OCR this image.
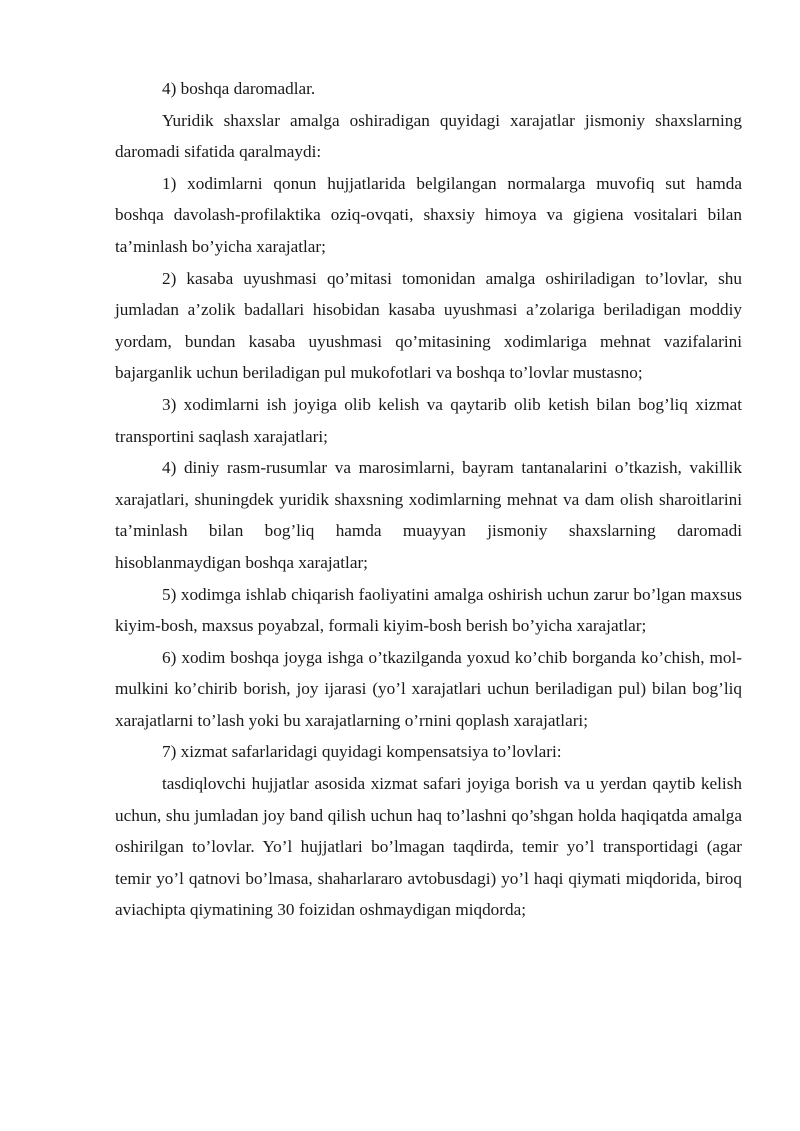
4) boshqa daromadlar.

Yuridik shaxslar amalga oshiradigan quyidagi xarajatlar jismoniy shaxslarning daromadi sifatida qaralmaydi:

1) xodimlarni qonun hujjatlarida belgilangan normalarga muvofiq sut hamda boshqa davolash-profilaktika oziq-ovqati, shaxsiy himoya va gigiena vositalari bilan ta’minlash bo’yicha xarajatlar;

2) kasaba uyushmasi qo’mitasi tomonidan amalga oshiriladigan to’lovlar, shu jumladan a’zolik badallari hisobidan kasaba uyushmasi a’zolariga beriladigan moddiy yordam, bundan kasaba uyushmasi qo’mitasining xodimlariga mehnat vazifalarini bajarganlik uchun beriladigan pul mukofotlari va boshqa to’lovlar mustasno;

3) xodimlarni ish joyiga olib kelish va qaytarib olib ketish bilan bog’liq xizmat transportini saqlash xarajatlari;

4) diniy rasm-rusumlar va marosimlarni, bayram tantanalarini o’tkazish, vakillik xarajatlari, shuningdek yuridik shaxsning xodimlarning mehnat va dam olish sharoitlarini ta’minlash bilan bog’liq hamda muayyan jismoniy shaxslarning daromadi hisoblanmaydigan boshqa xarajatlar;

5) xodimga ishlab chiqarish faoliyatini amalga oshirish uchun zarur bo’lgan maxsus kiyim-bosh, maxsus poyabzal, formali kiyim-bosh berish bo’yicha xarajatlar;

6) xodim boshqa joyga ishga o’tkazilganda yoxud ko’chib borganda ko’chish, mol-mulkini ko’chirib borish, joy ijarasi (yo’l xarajatlari uchun beriladigan pul) bilan bog’liq xarajatlarni to’lash yoki bu xarajatlarning o’rnini qoplash xarajatlari;

7) xizmat safarlaridagi quyidagi kompensatsiya to’lovlari:

tasdiqlovchi hujjatlar asosida xizmat safari joyiga borish va u yerdan qaytib kelish uchun, shu jumladan joy band qilish uchun haq to’lashni qo’shgan holda haqiqatda amalga oshirilgan to’lovlar. Yo’l hujjatlari bo’lmagan taqdirda, temir yo’l transportidagi (agar temir yo’l qatnovi bo’lmasa, shaharlararo avtobusdagi) yo’l haqi qiymati miqdorida, biroq aviachipta qiymatining 30 foizidan oshmaydigan miqdorda;
